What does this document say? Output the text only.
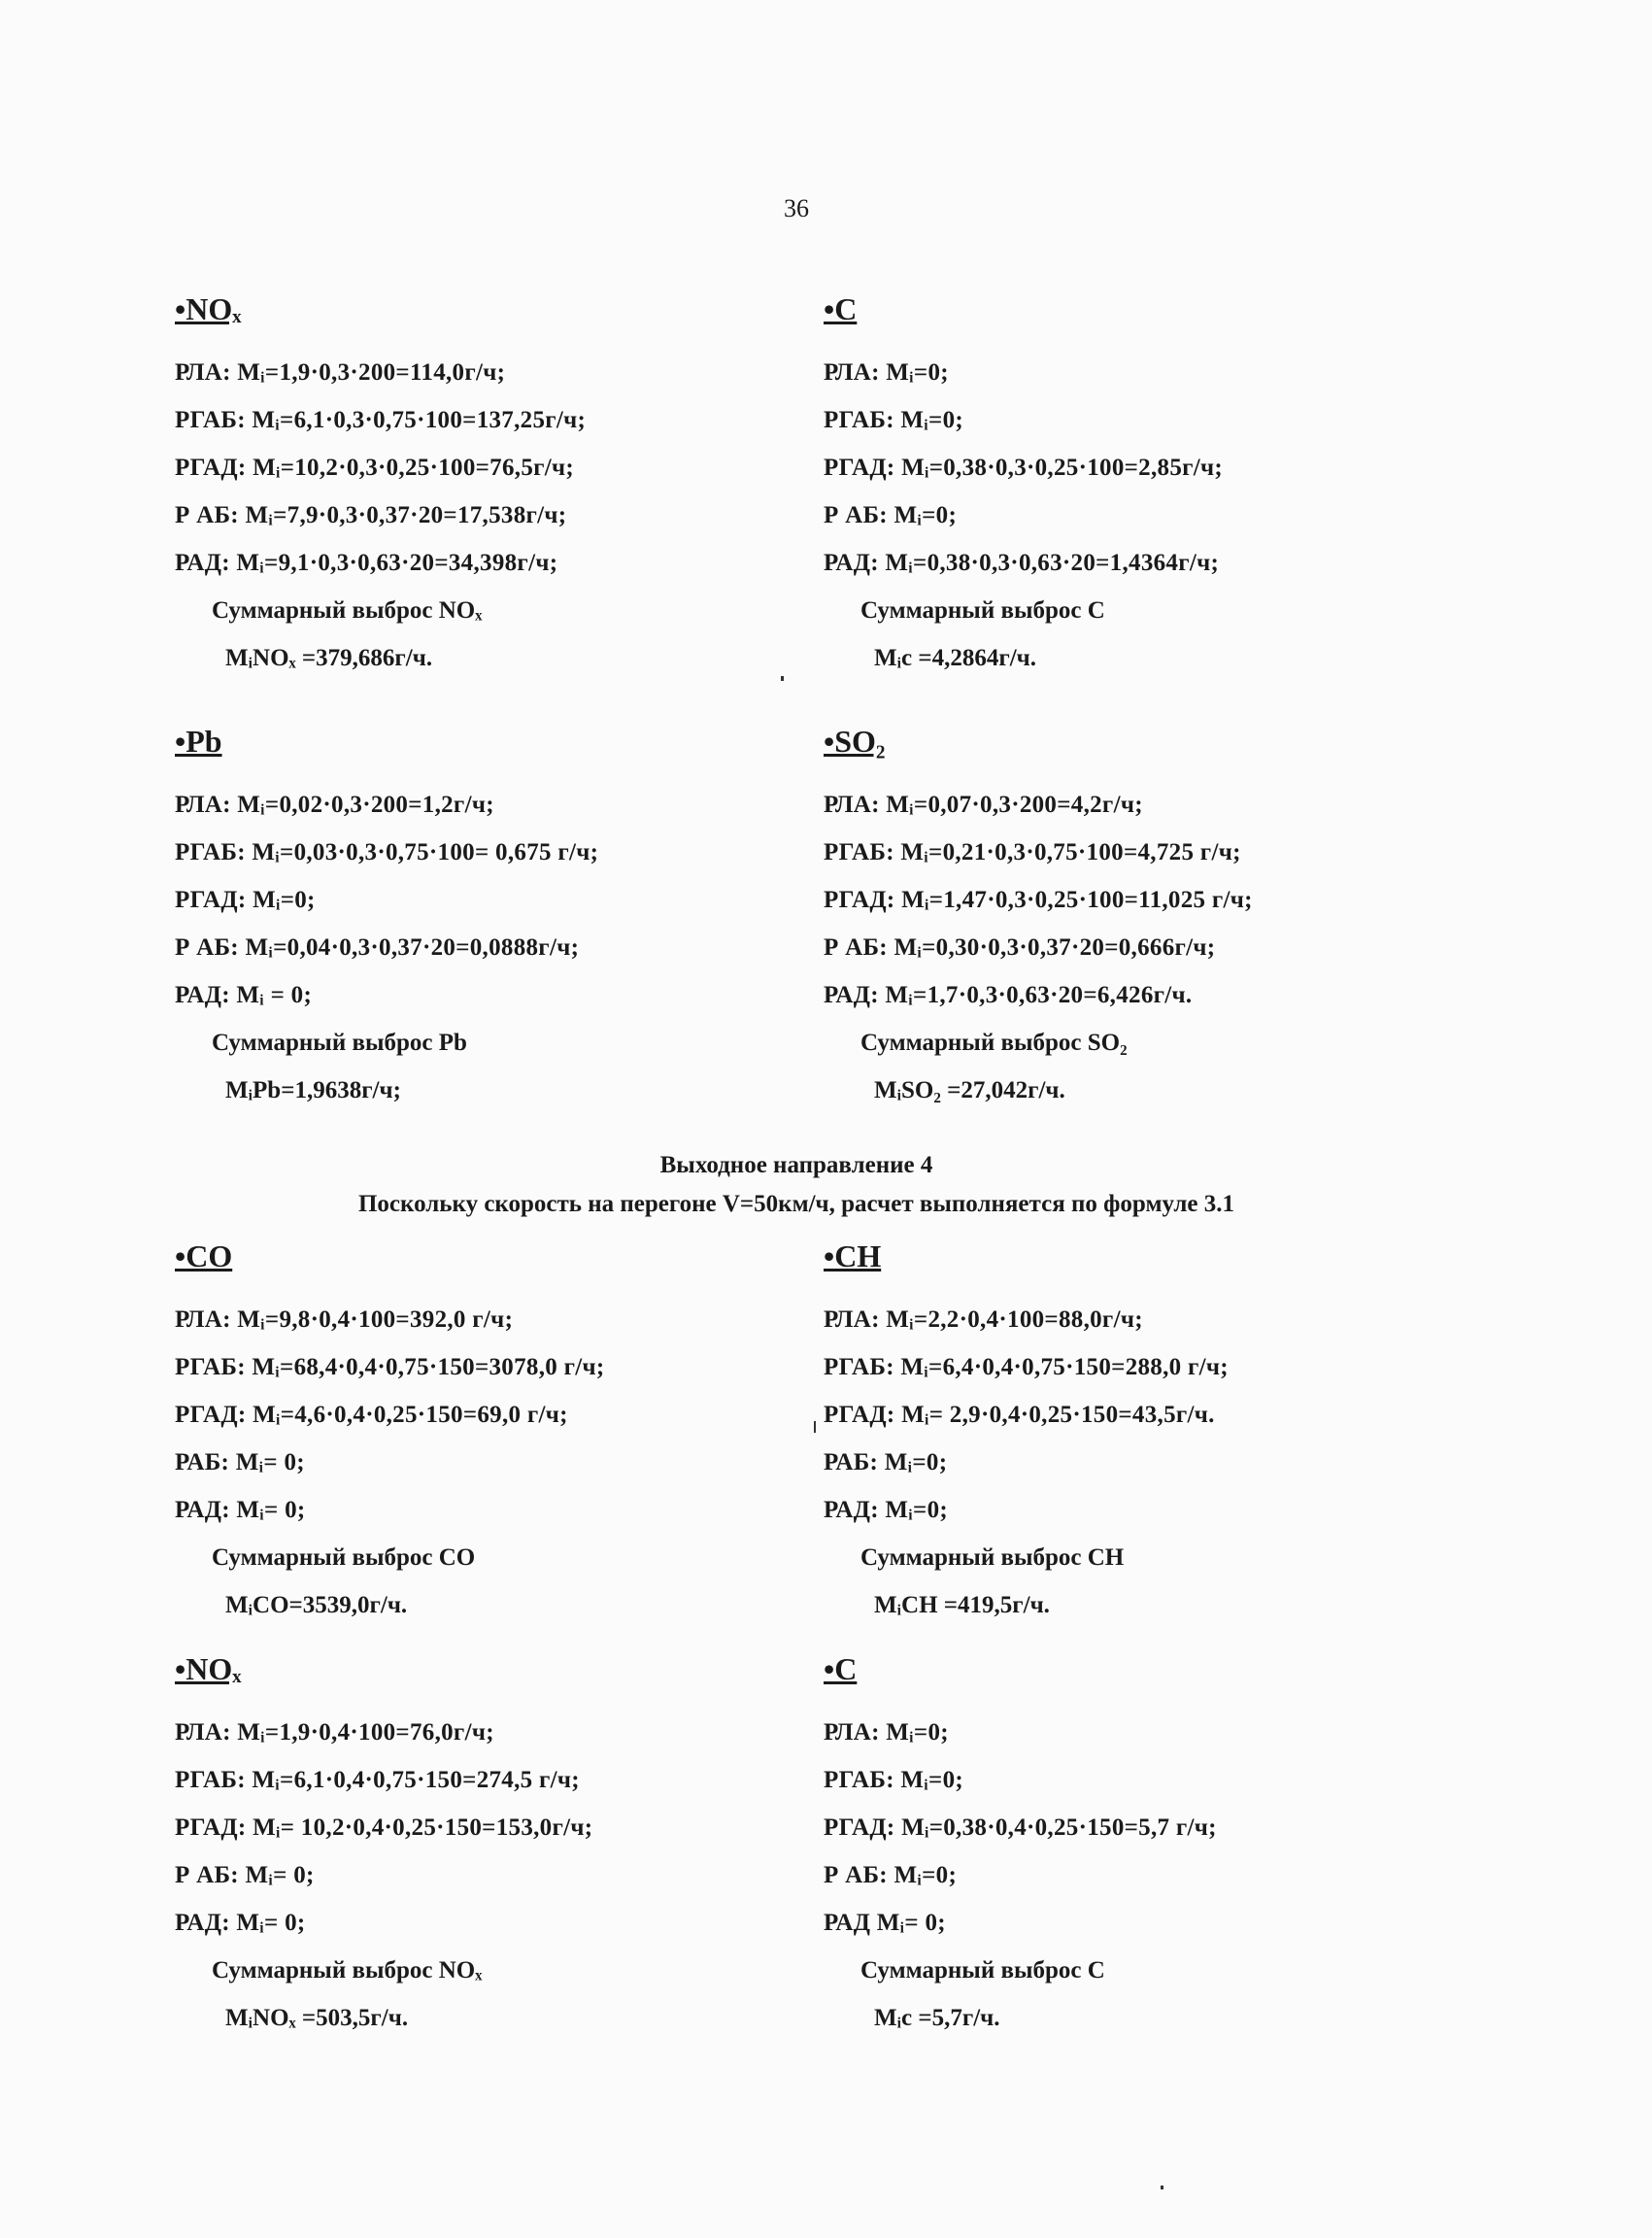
36
•NOₓ
РЛА: Mᵢ=1,9·0,3·200=114,0г/ч;
РГАБ: Mᵢ=6,1·0,3·0,75·100=137,25г/ч;
РГАД: Mᵢ=10,2·0,3·0,25·100=76,5г/ч;
Р АБ: Mᵢ=7,9·0,3·0,37·20=17,538г/ч;
РАД: Mᵢ=9,1·0,3·0,63·20=34,398г/ч;
Суммарный выброс NOₓ
MᵢNOₓ =379,686г/ч.
•C
РЛА: Mᵢ=0;
РГАБ: Mᵢ=0;
РГАД: Mᵢ=0,38·0,3·0,25·100=2,85г/ч;
Р АБ: Mᵢ=0;
РАД: Mᵢ=0,38·0,3·0,63·20=1,4364г/ч;
Суммарный выброс С
Mᵢc =4,2864г/ч.
•Pb
РЛА: Mᵢ=0,02·0,3·200=1,2г/ч;
РГАБ: Mᵢ=0,03·0,3·0,75·100= 0,675 г/ч;
РГАД: Mᵢ=0;
Р АБ: Mᵢ=0,04·0,3·0,37·20=0,0888г/ч;
РАД: Mᵢ = 0;
Суммарный выброс Pb
MᵢPb=1,9638г/ч;
•SO₂
РЛА: Mᵢ=0,07·0,3·200=4,2г/ч;
РГАБ: Mᵢ=0,21·0,3·0,75·100=4,725 г/ч;
РГАД: Mᵢ=1,47·0,3·0,25·100=11,025 г/ч;
Р АБ: Mᵢ=0,30·0,3·0,37·20=0,666г/ч;
РАД: Mᵢ=1,7·0,3·0,63·20=6,426г/ч.
Суммарный выброс SO₂
MᵢSO₂ =27,042г/ч.
Выходное направление 4
Поскольку скорость на перегоне V=50км/ч, расчет выполняется по формуле 3.1
•CO
РЛА: Mᵢ=9,8·0,4·100=392,0 г/ч;
РГАБ: Mᵢ=68,4·0,4·0,75·150=3078,0 г/ч;
РГАД: Mᵢ=4,6·0,4·0,25·150=69,0 г/ч;
РАБ: Mᵢ= 0;
РАД: Mᵢ= 0;
Суммарный выброс СО
MᵢCO=3539,0г/ч.
•CH
РЛА: Mᵢ=2,2·0,4·100=88,0г/ч;
РГАБ: Mᵢ=6,4·0,4·0,75·150=288,0 г/ч;
РГАД: Mᵢ= 2,9·0,4·0,25·150=43,5г/ч.
РАБ: Mᵢ=0;
РАД: Mᵢ=0;
Суммарный выброс СН
MᵢCH =419,5г/ч.
•NOₓ
РЛА: Mᵢ=1,9·0,4·100=76,0г/ч;
РГАБ: Mᵢ=6,1·0,4·0,75·150=274,5 г/ч;
РГАД: Mᵢ= 10,2·0,4·0,25·150=153,0г/ч;
Р АБ: Mᵢ= 0;
РАД: Mᵢ= 0;
Суммарный выброс NOₓ
MᵢNOₓ =503,5г/ч.
•C
РЛА: Mᵢ=0;
РГАБ: Mᵢ=0;
РГАД: Mᵢ=0,38·0,4·0,25·150=5,7 г/ч;
Р АБ: Mᵢ=0;
РАД Mᵢ= 0;
Суммарный выброс С
Mᵢc =5,7г/ч.
